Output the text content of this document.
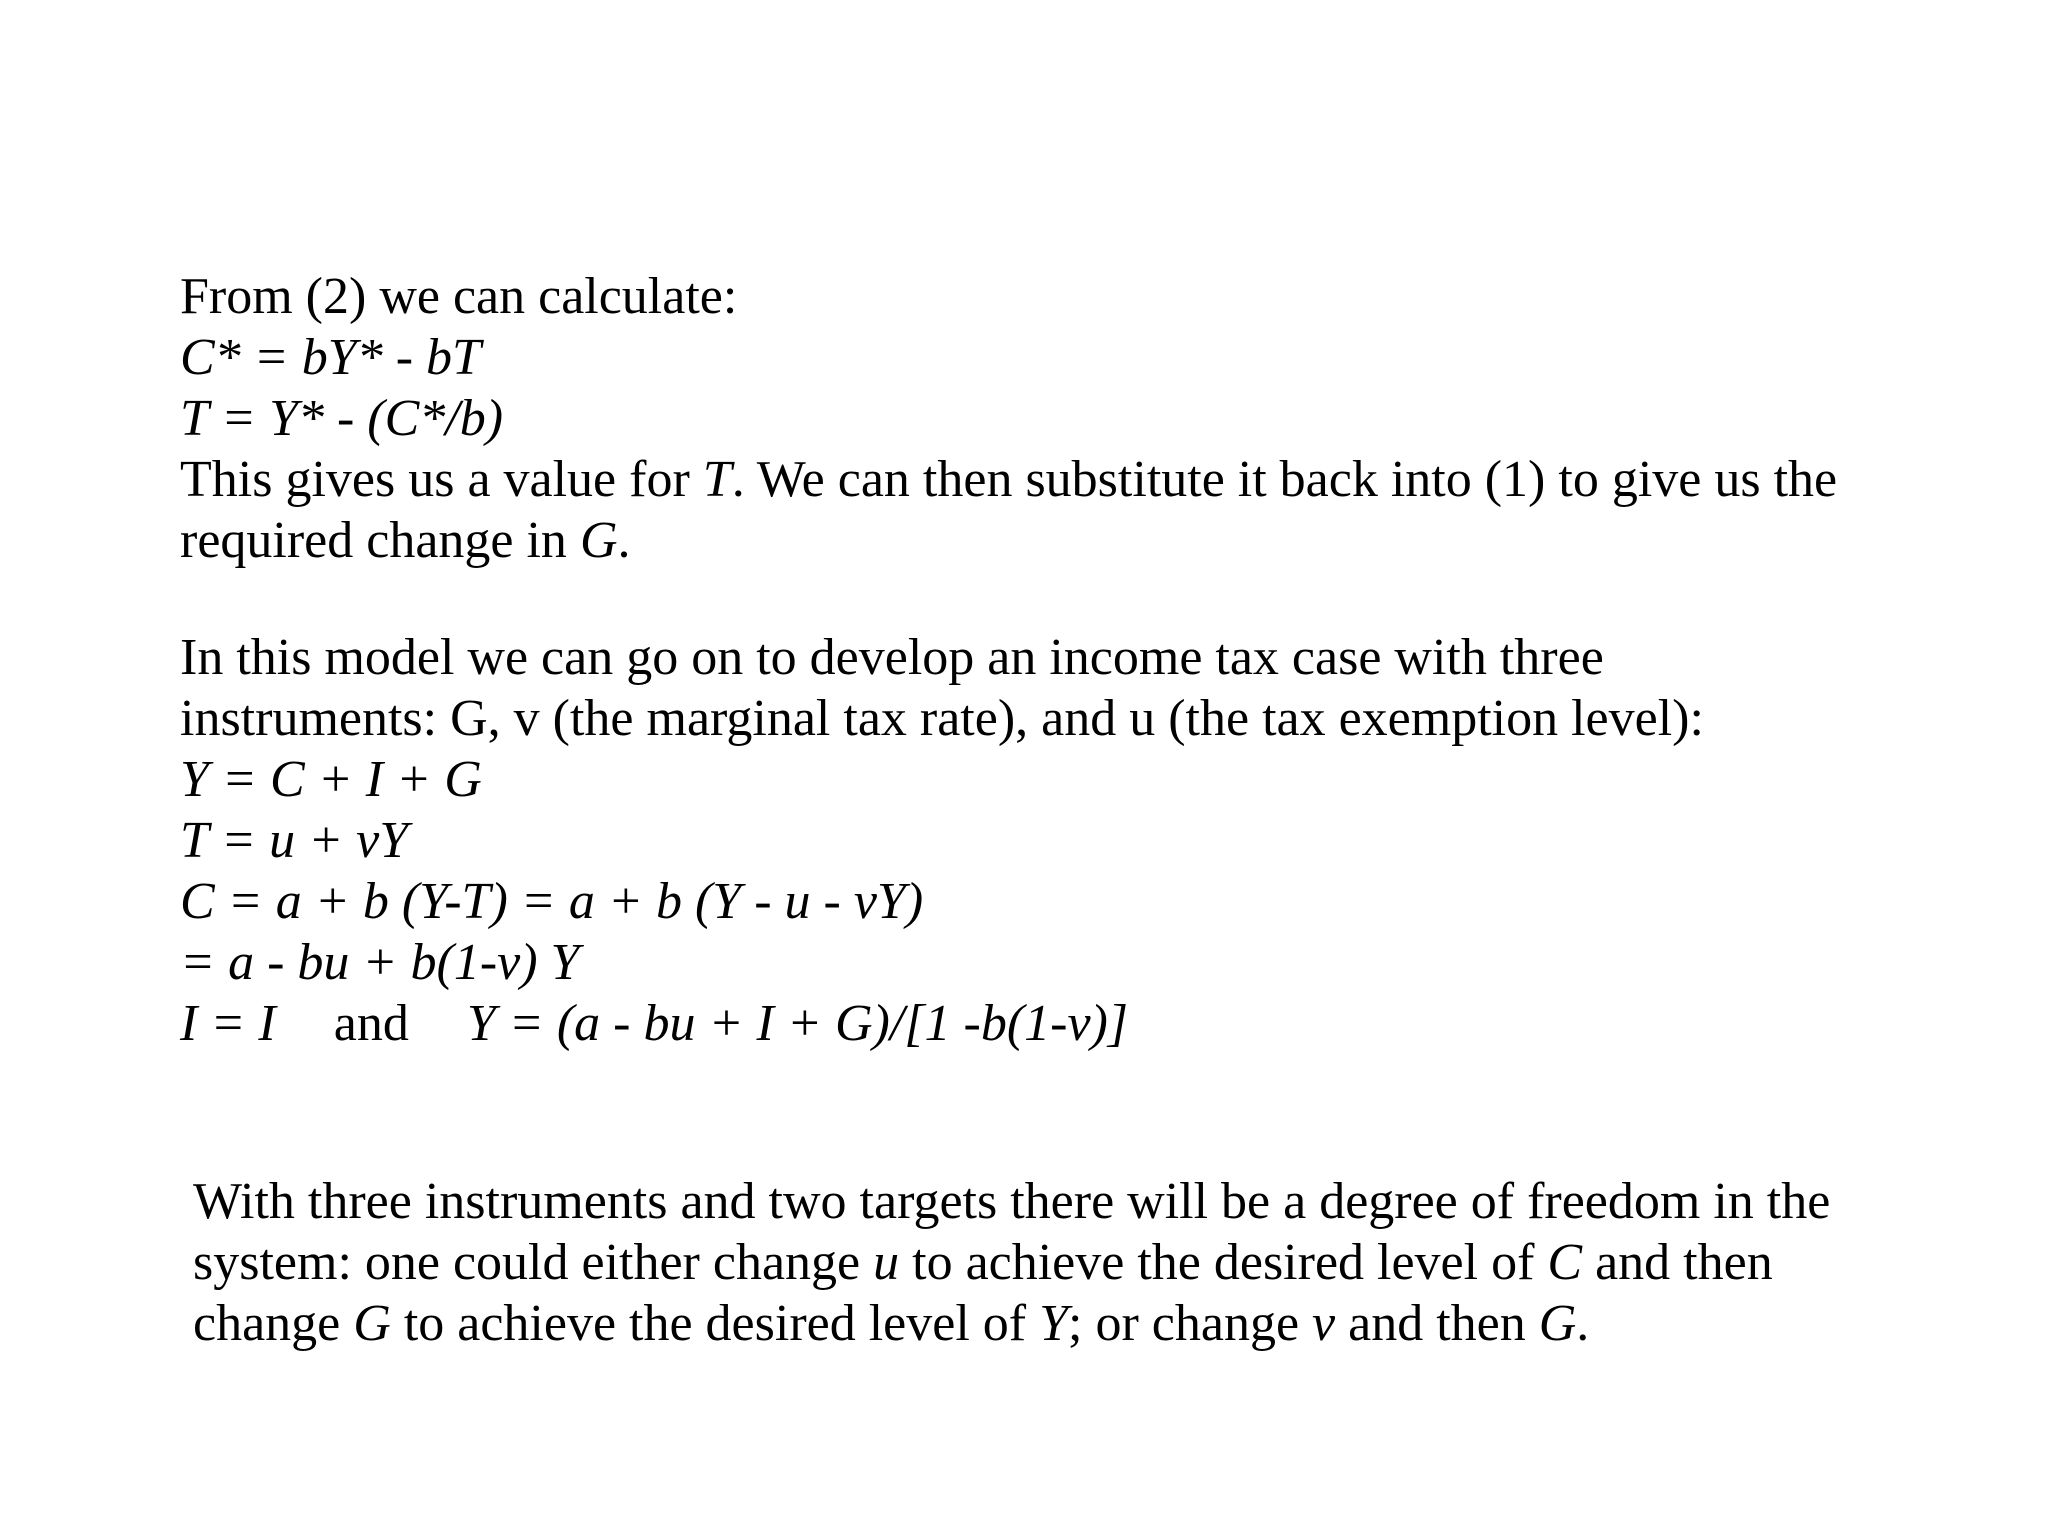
From (2) we can calculate:
C* = bY* - bT
T = Y* - (C*/b)
This gives us a value for T. We can then substitute it back into (1) to give us the
required change in G.
In this model we can go on to develop an income tax case with three
instruments: G, v (the marginal tax rate), and u (the tax exemption level):
Y = C + I + G
T = u + vY
C = a + b (Y-T) = a + b (Y - u - vY)
= a - bu + b(1-v) Y
I = I and Y = (a - bu + I + G)/[1 -b(1-v)]
With three instruments and two targets there will be a degree of freedom in the
system: one could either change u to achieve the desired level of C and then
change G to achieve the desired level of Y; or change v and then G.
